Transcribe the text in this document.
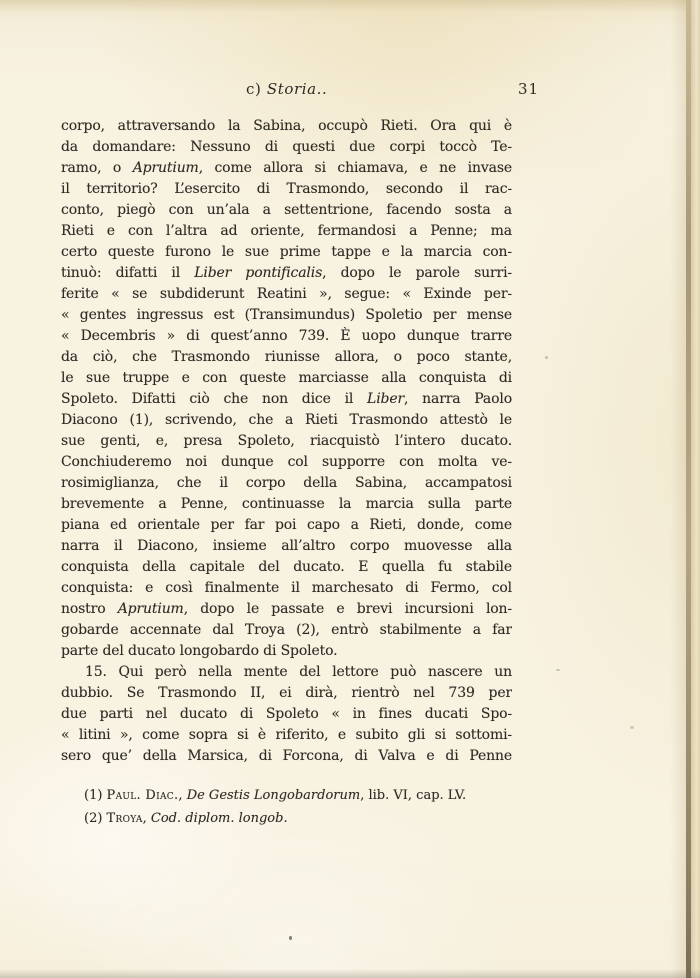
c) Storia..	31
corpo, attraversando la Sabina, occupò Rieti. Ora qui è
da domandare: Nessuno di questi due corpi toccò Te-
ramo, o Aprutium, come allora si chiamava, e ne invase
il territorio? L’esercito di Trasmondo, secondo il rac-
conto, piegò con un’ala a settentrione, facendo sosta a
Rieti e con l’altra ad oriente, fermandosi a Penne; ma
certo queste furono le sue prime tappe e la marcia con-
tinuò: difatti il Liber pontificalis, dopo le parole surri-
ferite « se subdiderunt Reatini », segue: « Exinde per-
« gentes ingressus est (Transimundus) Spoletio per mense
« Decembris » di quest’anno 739. È uopo dunque trarre
da ciò, che Trasmondo riunisse allora, o poco stante,
le sue truppe e con queste marciasse alla conquista di
Spoleto. Difatti ciò che non dice il Liber, narra Paolo
Diacono (1), scrivendo, che a Rieti Trasmondo attestò le
sue genti, e, presa Spoleto, riacquistò l’intero ducato.
Conchiuderemo noi dunque col supporre con molta ve-
rosimiglianza, che il corpo della Sabina, accampatosi
brevemente a Penne, continuasse la marcia sulla parte
piana ed orientale per far poi capo a Rieti, donde, come
narra il Diacono, insieme all’altro corpo muovesse alla
conquista della capitale del ducato. E quella fu stabile
conquista: e così finalmente il marchesato di Fermo, col
nostro Aprutium, dopo le passate e brevi incursioni lon-
gobarde accennate dal Troya (2), entrò stabilmente a far
parte del ducato longobardo di Spoleto.
15. Qui però nella mente del lettore può nascere un
dubbio. Se Trasmondo II, ei dirà, rientrò nel 739 per
due parti nel ducato di Spoleto « in fines ducati Spo-
« litini », come sopra si è riferito, e subito gli si sottomi-
sero que’ della Marsica, di Forcona, di Valva e di Penne
(1) Paul. Diac., De Gestis Longobardorum, lib. VI, cap. LV.
(2) Troya, Cod. diplom. longob.
